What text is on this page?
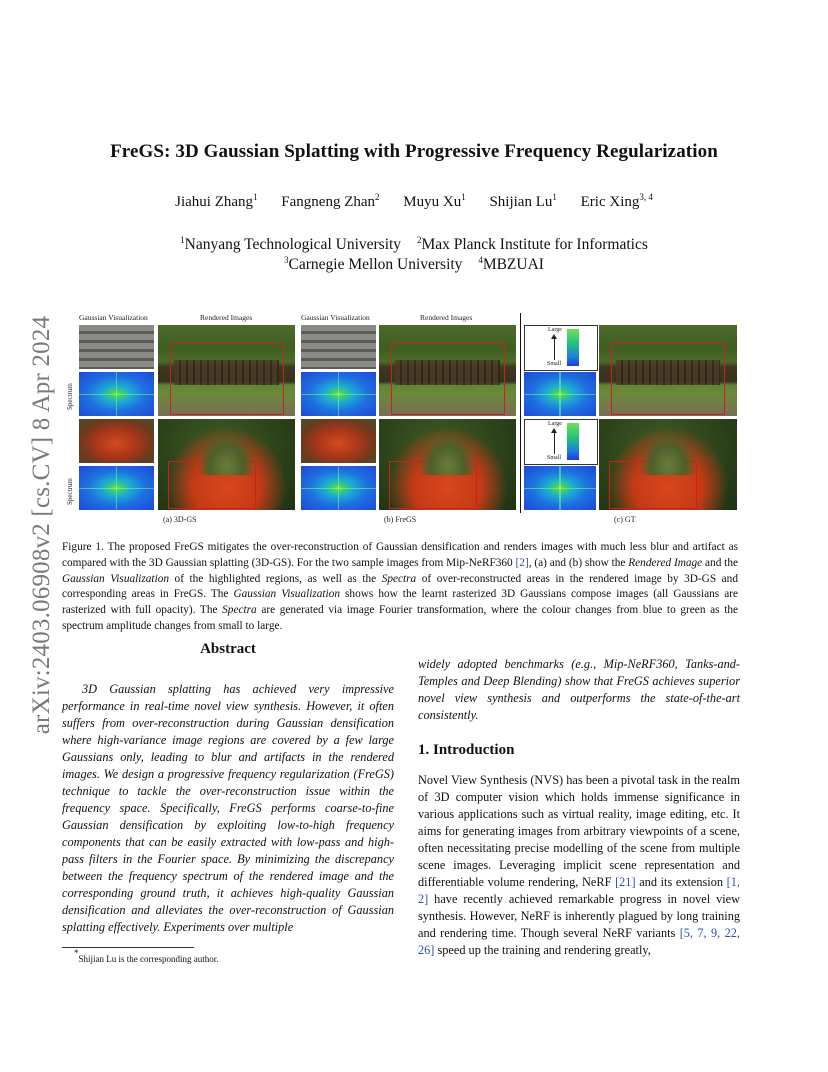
arXiv:2403.06908v2 [cs.CV] 8 Apr 2024
FreGS: 3D Gaussian Splatting with Progressive Frequency Regularization
Jiahui Zhang$^1$ Fangneng Zhan$^2$ Muyu Xu$^1$ Shijian Lu$^1$ Eric Xing$^{3, 4}$
$^1$Nanyang Technological University $^2$Max Planck Institute for Informatics
$^3$Carnegie Mellon University $^4$MBZUAI
Gaussian Visualization	Rendered Images	Gaussian Visualization	Rendered Images
Spectrum
Spectrum
Large
Small
Large
Small
(a) 3D-GS	(b) FreGS	(c) GT
Figure 1. The proposed FreGS mitigates the over-reconstruction of Gaussian densification and renders images with much less blur and artifact as compared with the 3D Gaussian splatting (3D-GS). For the two sample images from Mip-NeRF360 [2], (a) and (b) show the Rendered Image and the Gaussian Visualization of the highlighted regions, as well as the Spectra of over-reconstructed areas in the rendered image by 3D-GS and corresponding areas in FreGS. The Gaussian Visualization shows how the learnt rasterized 3D Gaussians compose images (all Gaussians are rasterized with full opacity). The Spectra are generated via image Fourier transformation, where the colour changes from blue to green as the spectrum amplitude changes from small to large.
Abstract
3D Gaussian splatting has achieved very impressive performance in real-time novel view synthesis. However, it often suffers from over-reconstruction during Gaussian densification where high-variance image regions are covered by a few large Gaussians only, leading to blur and artifacts in the rendered images. We design a progressive frequency regularization (FreGS) technique to tackle the over-reconstruction issue within the frequency space. Specifically, FreGS performs coarse-to-fine Gaussian densification by exploiting low-to-high frequency components that can be easily extracted with low-pass and high-pass filters in the Fourier space. By minimizing the discrepancy between the frequency spectrum of the rendered image and the corresponding ground truth, it achieves high-quality Gaussian densification and alleviates the over-reconstruction of Gaussian splatting effectively. Experiments over multiple
widely adopted benchmarks (e.g., Mip-NeRF360, Tanks-and-Temples and Deep Blending) show that FreGS achieves superior novel view synthesis and outperforms the state-of-the-art consistently.
1. Introduction
Novel View Synthesis (NVS) has been a pivotal task in the realm of 3D computer vision which holds immense significance in various applications such as virtual reality, image editing, etc. It aims for generating images from arbitrary viewpoints of a scene, often necessitating precise modelling of the scene from multiple scene images. Leveraging implicit scene representation and differentiable volume rendering, NeRF [21] and its extension [1, 2] have recently achieved remarkable progress in novel view synthesis. However, NeRF is inherently plagued by long training and rendering time. Though several NeRF variants [5, 7, 9, 22, 26] speed up the training and rendering greatly,
*Shijian Lu is the corresponding author.
